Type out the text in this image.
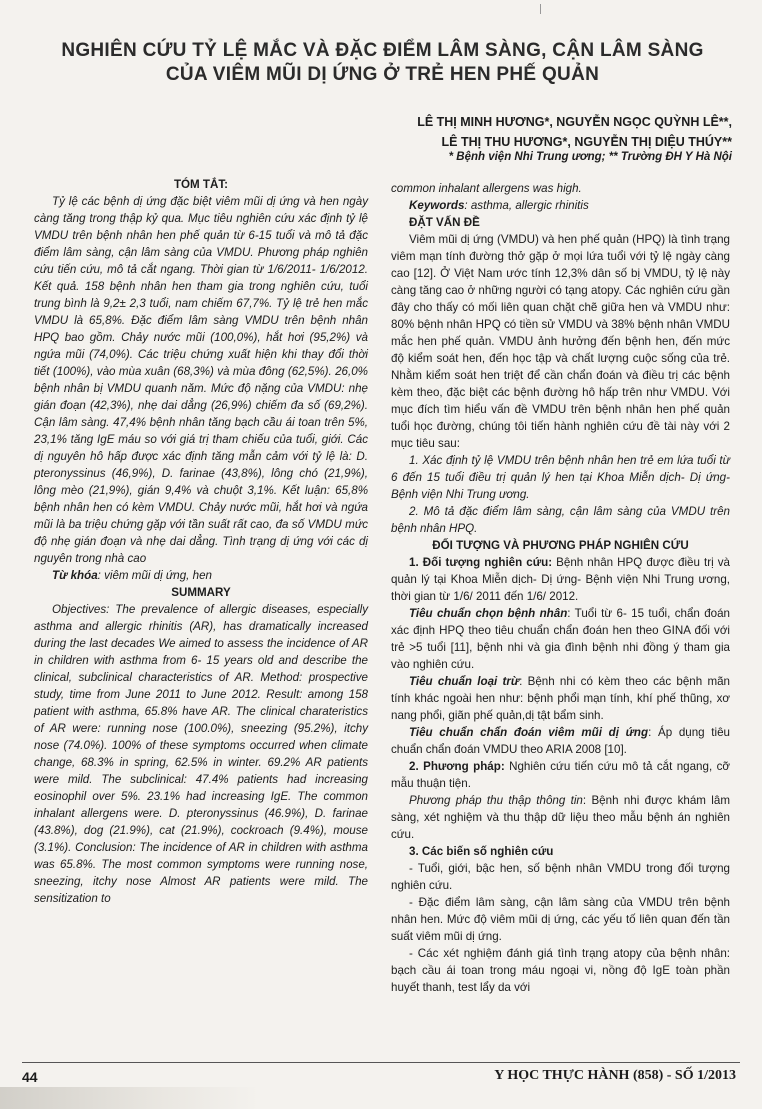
NGHIÊN CỨU TỶ LỆ MẮC VÀ ĐẶC ĐIỂM LÂM SÀNG, CẬN LÂM SÀNG
CỦA VIÊM MŨI DỊ ỨNG Ở TRẺ HEN PHẾ QUẢN
LÊ THỊ MINH HƯƠNG*, NGUYỄN NGỌC QUỲNH LÊ**,
LÊ THỊ THU HƯƠNG*, NGUYỄN THỊ DIỆU THÚY**
* Bệnh viện Nhi Trung ương; ** Trường ĐH Y Hà Nội

TÓM TẮT:

Tỷ lệ các bệnh dị ứng đặc biệt viêm mũi dị ứng và hen ngày càng tăng trong thập kỷ qua. Mục tiêu nghiên cứu xác định tỷ lệ VMDU trên bệnh nhân hen phế quản từ 6-15 tuổi và mô tả đặc điểm lâm sàng, cận lâm sàng của VMDU. Phương pháp nghiên cứu tiến cứu, mô tả cắt ngang. Thời gian từ 1/6/2011- 1/6/2012. Kết quả. 158 bệnh nhân hen tham gia trong nghiên cứu, tuổi trung bình là 9,2± 2,3 tuổi, nam chiếm 67,7%. Tỷ lệ trẻ hen mắc VMDU là 65,8%. Đặc điểm lâm sàng VMDU trên bệnh nhân HPQ bao gồm. Chảy nước mũi (100,0%), hắt hơi (95,2%) và ngứa mũi (74,0%). Các triệu chứng xuất hiện khi thay đổi thời tiết (100%), vào mùa xuân (68,3%) và mùa đông (62,5%). 26,0% bệnh nhân bị VMDU quanh năm. Mức độ nặng của VMDU: nhẹ gián đoạn (42,3%), nhẹ dai dẳng (26,9%) chiếm đa số (69,2%). Cận lâm sàng. 47,4% bệnh nhân tăng bạch cầu ái toan trên 5%, 23,1% tăng IgE máu so với giá trị tham chiếu của tuổi, giới. Các dị nguyên hô hấp được xác định tăng mẫn cảm với tỷ lệ là: D. pteronyssinus (46,9%), D. farinae (43,8%), lông chó (21,9%), lông mèo (21,9%), gián 9,4% và chuột 3,1%. Kết luận: 65,8% bệnh nhân hen có kèm VMDU. Chảy nước mũi, hắt hơi và ngứa mũi là ba triệu chứng gặp với tần suất rất cao, đa số VMDU mức độ nhẹ gián đoạn và nhẹ dai dẳng. Tình trạng dị ứng với các dị nguyên trong nhà cao

Từ khóa: viêm mũi dị ứng, hen

SUMMARY

Objectives: The prevalence of allergic diseases, especially asthma and allergic rhinitis (AR), has dramatically increased during the last decades We aimed to assess the incidence of AR in children with asthma from 6- 15 years old and describe the clinical, subclinical characteristics of AR. Method: prospective study, time from June 2011 to June 2012. Result: among 158 patient with asthma, 65.8% have AR. The clinical charateristics of AR were: running nose (100.0%), sneezing (95.2%), itchy nose (74.0%). 100% of these symptoms occurred when climate change, 68.3% in spring, 62.5% in winter. 69.2% AR patients were mild. The subclinical: 47.4% patients had increasing eosinophil over 5%. 23.1% had increasing IgE. The common inhalant allergens were. D. pteronyssinus (46.9%), D. farinae (43.8%), dog (21.9%), cat (21.9%), cockroach (9.4%), mouse (3.1%). Conclusion: The incidence of AR in children with asthma was 65.8%. The most common symptoms were running nose, sneezing, itchy nose Almost AR patients were mild. The sensitization to

common inhalant allergens was high.

Keywords: asthma, allergic rhinitis

ĐẶT VẤN ĐỀ

Viêm mũi dị ứng (VMDU) và hen phế quản (HPQ) là tình trạng viêm mạn tính đường thở gặp ở mọi lứa tuổi với tỷ lệ ngày càng cao [12]. Ở Việt Nam ước tính 12,3% dân số bị VMDU, tỷ lệ này càng tăng cao ở những người có tạng atopy. Các nghiên cứu gần đây cho thấy có mối liên quan chặt chẽ giữa hen và VMDU như: 80% bệnh nhân HPQ có tiền sử VMDU và 38% bệnh nhân VMDU mắc hen phế quản. VMDU ảnh hưởng đến bệnh hen, đến mức độ kiểm soát hen, đến học tập và chất lượng cuộc sống của trẻ. Nhằm kiểm soát hen triệt để cần chẩn đoán và điều trị các bệnh kèm theo, đặc biệt các bệnh đường hô hấp trên như VMDU. Với mục đích tìm hiểu vấn đề VMDU trên bệnh nhân hen phế quản tuổi học đường, chúng tôi tiến hành nghiên cứu đề tài này với 2 mục tiêu sau:

1. Xác định tỷ lệ VMDU trên bệnh nhân hen trẻ em lứa tuổi từ 6 đến 15 tuổi điều trị quản lý hen tại Khoa Miễn dịch- Dị ứng- Bệnh viện Nhi Trung ương.

2. Mô tả đặc điểm lâm sàng, cận lâm sàng của VMDU trên bệnh nhân HPQ.

ĐỐI TƯỢNG VÀ PHƯƠNG PHÁP NGHIÊN CỨU

1. Đối tượng nghiên cứu: Bệnh nhân HPQ được điều trị và quản lý tại Khoa Miễn dịch- Dị ứng- Bệnh viện Nhi Trung ương, thời gian từ 1/6/ 2011 đến 1/6/ 2012.

Tiêu chuẩn chọn bệnh nhân: Tuổi từ 6- 15 tuổi, chẩn đoán xác định HPQ theo tiêu chuẩn chẩn đoán hen theo GINA đối với trẻ >5 tuổi [11], bệnh nhi và gia đình bệnh nhi đồng ý tham gia vào nghiên cứu.

Tiêu chuẩn loại trừ: Bệnh nhi có kèm theo các bệnh mãn tính khác ngoài hen như: bệnh phổi mạn tính, khí phế thũng, xơ nang phổi, giãn phế quản,dị tật bẩm sinh.

Tiêu chuẩn chẩn đoán viêm mũi dị ứng: Áp dụng tiêu chuẩn chẩn đoán VMDU theo ARIA 2008 [10].

2. Phương pháp: Nghiên cứu tiến cứu mô tả cắt ngang, cỡ mẫu thuận tiện.

Phương pháp thu thập thông tin: Bệnh nhi được khám lâm sàng, xét nghiệm và thu thập dữ liệu theo mẫu bệnh án nghiên cứu.

3. Các biến số nghiên cứu

- Tuổi, giới, bậc hen, số bệnh nhân VMDU trong đối tượng nghiên cứu.

- Đặc điểm lâm sàng, cận lâm sàng của VMDU trên bệnh nhân hen. Mức độ viêm mũi dị ứng, các yếu tố liên quan đến tần suất viêm mũi dị ứng.

- Các xét nghiệm đánh giá tình trạng atopy của bệnh nhân: bạch cầu ái toan trong máu ngoại vi, nồng độ IgE toàn phần huyết thanh, test lẩy da với

44	Y HỌC THỰC HÀNH (858) - SỐ 1/2013
